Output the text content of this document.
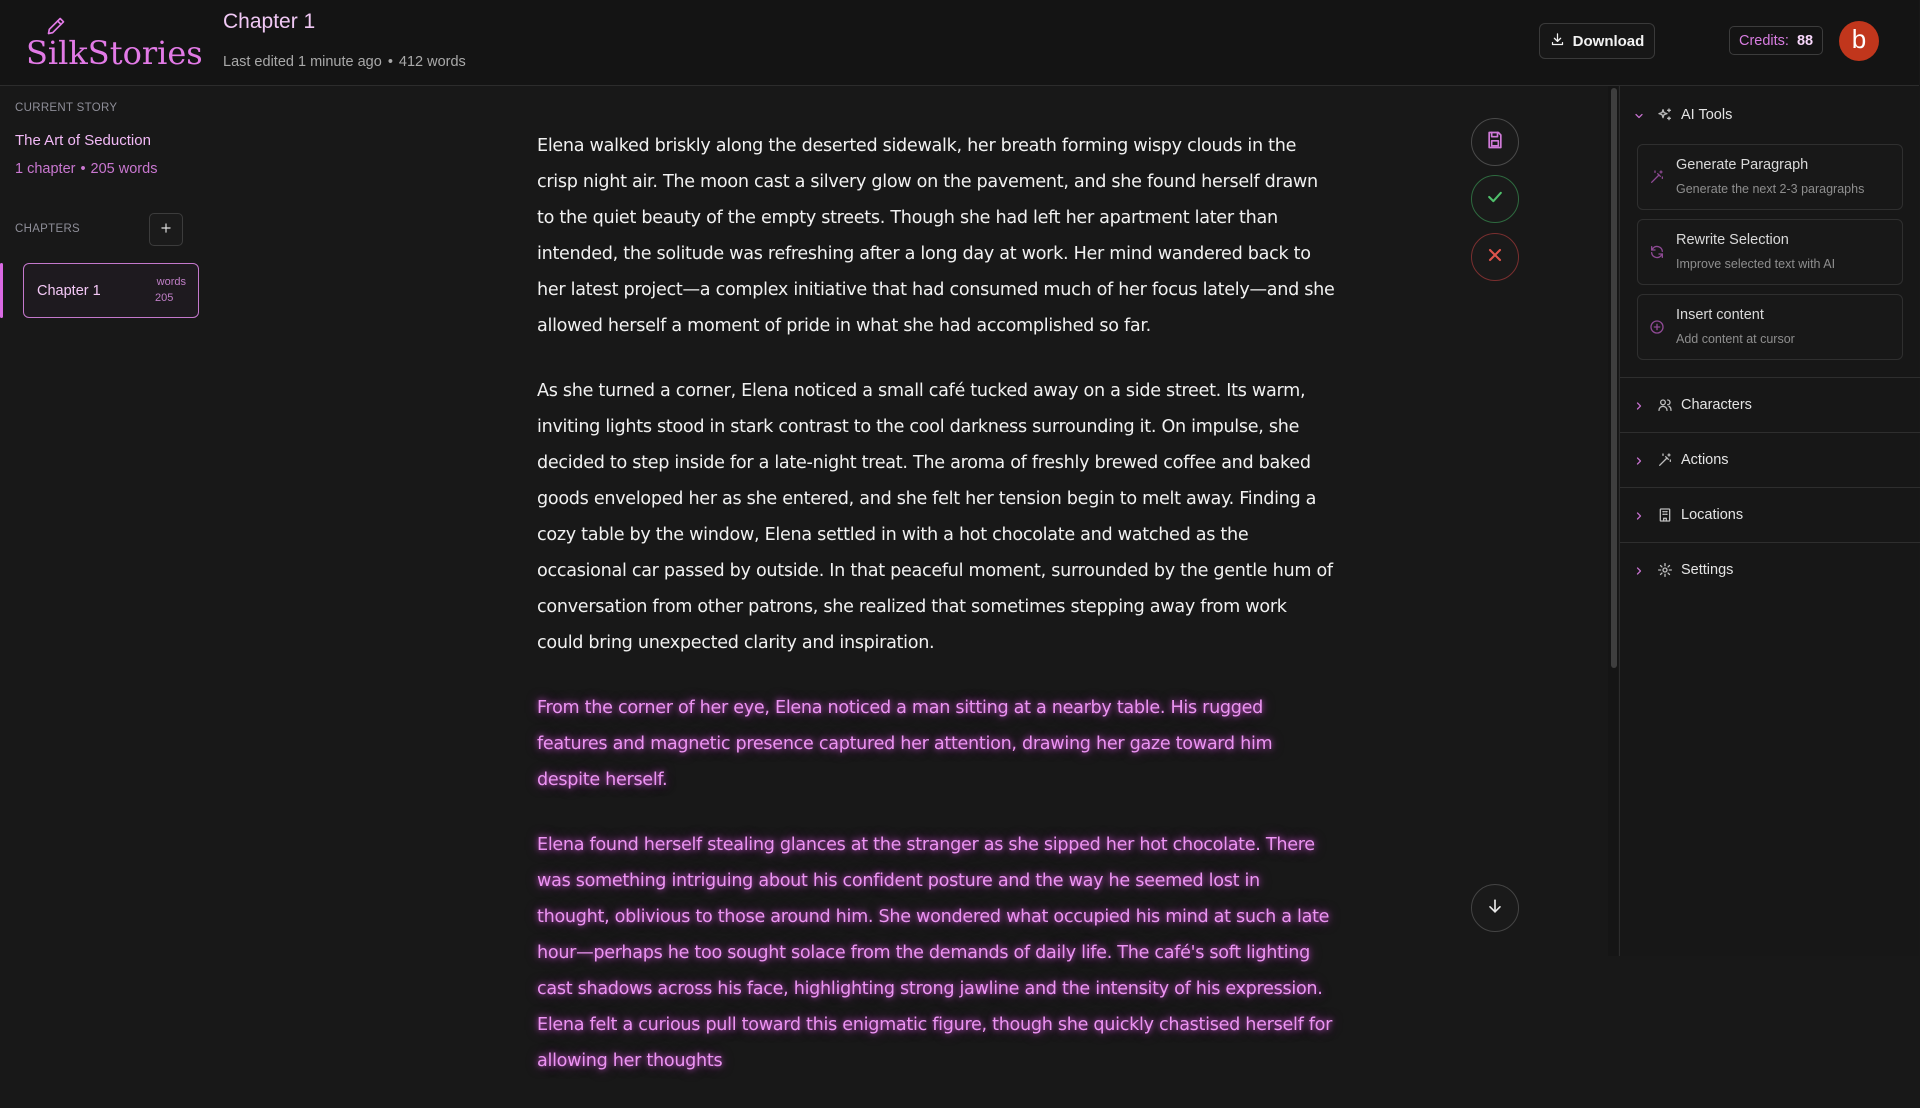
SilkStories
Chapter 1
Last edited 1 minute ago • 412 words
Download	Credits: 88	b
CURRENT STORY
The Art of Seduction
1 chapter • 205 words
CHAPTERS
Chapter 1
words
205

Elena walked briskly along the deserted sidewalk, her breath forming wispy clouds in the crisp night air. The moon cast a silvery glow on the pavement, and she found herself drawn to the quiet beauty of the empty streets. Though she had left her apartment later than intended, the solitude was refreshing after a long day at work. Her mind wandered back to her latest project—a complex initiative that had consumed much of her focus lately—and she allowed herself a moment of pride in what she had accomplished so far.

As she turned a corner, Elena noticed a small café tucked away on a side street. Its warm, inviting lights stood in stark contrast to the cool darkness surrounding it. On impulse, she decided to step inside for a late-night treat. The aroma of freshly brewed coffee and baked goods enveloped her as she entered, and she felt her tension begin to melt away. Finding a cozy table by the window, Elena settled in with a hot chocolate and watched as the occasional car passed by outside. In that peaceful moment, surrounded by the gentle hum of conversation from other patrons, she realized that sometimes stepping away from work could bring unexpected clarity and inspiration.

From the corner of her eye, Elena noticed a man sitting at a nearby table. His rugged features and magnetic presence captured her attention, drawing her gaze toward him despite herself.

Elena found herself stealing glances at the stranger as she sipped her hot chocolate. There was something intriguing about his confident posture and the way he seemed lost in thought, oblivious to those around him. She wondered what occupied his mind at such a late hour—perhaps he too sought solace from the demands of daily life. The café's soft lighting cast shadows across his face, highlighting strong jawline and the intensity of his expression. Elena felt a curious pull toward this enigmatic figure, though she quickly chastised herself for allowing her thoughts

AI Tools
Generate Paragraph
Generate the next 2-3 paragraphs
Rewrite Selection
Improve selected text with AI
Insert content
Add content at cursor
Characters
Actions
Locations
Settings
